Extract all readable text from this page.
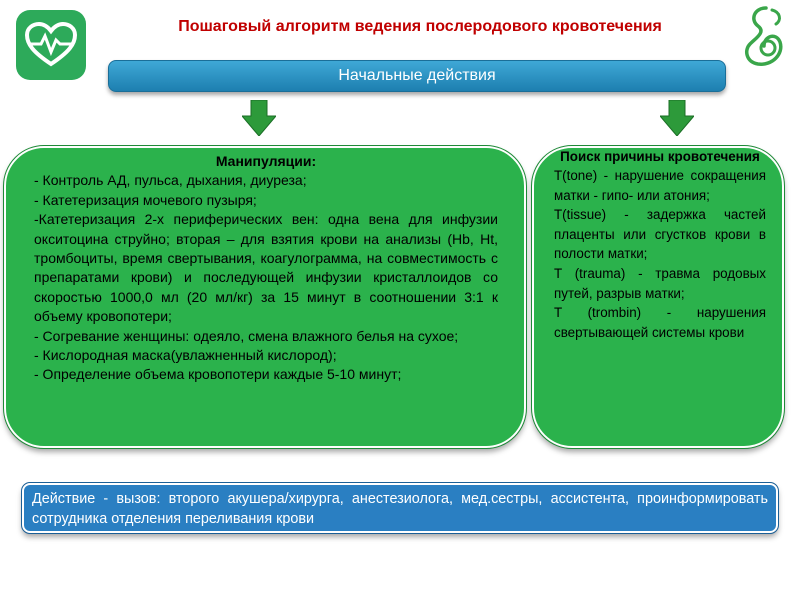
Пошаговый алгоритм ведения послеродового кровотечения
Начальные действия
Манипуляции:
- Контроль АД, пульса, дыхания, диуреза;
- Катетеризация мочевого пузыря;
-Катетеризация 2-х периферических вен: одна вена для инфузии окситоцина струйно; вторая – для взятия крови на анализы (Hb, Ht, тромбоциты, время свертывания, коагулограмма, на совместимость с препаратами крови) и последующей инфузии кристаллоидов со скоростью 1000,0 мл (20 мл/кг) за 15 минут в соотношении 3:1 к объему кровопотери;
- Согревание женщины: одеяло, смена влажного белья на сухое;
- Кислородная маска(увлажненный кислород);
- Определение объема кровопотери каждые 5-10 минут;
Поиск причины кровотечения
T(tone) - нарушение сокращения матки - гипо- или атония;
T(tissue) - задержка частей плаценты или сгустков крови в полости матки;
T (trauma) - травма родовых путей, разрыв матки;
T (trombin) - нарушения свертывающей системы крови
Действие - вызов: второго акушера/хирурга, анестезиолога, мед.сестры, ассистента, проинформировать сотрудника отделения переливания крови
